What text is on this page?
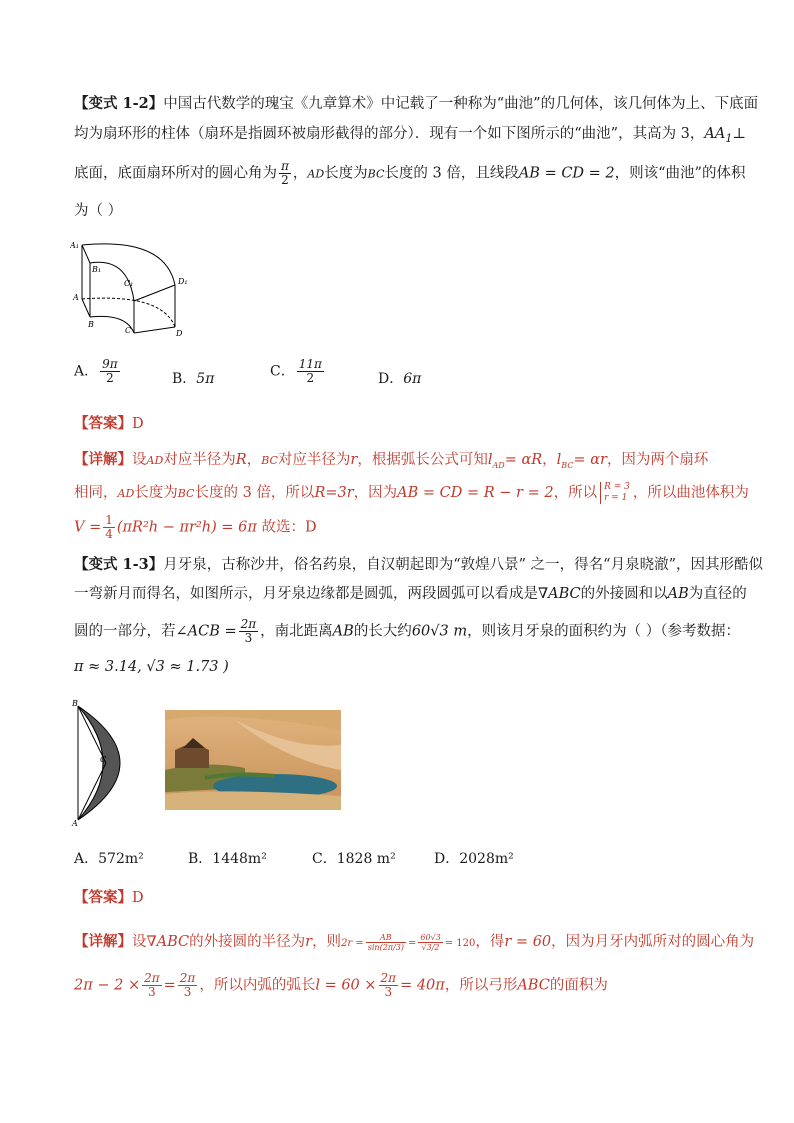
【变式 1-2】中国古代数学的瑰宝《九章算术》中记载了一种称为“曲池”的几何体，该几何体为上、下底面
均为扇环形的柱体（扇环是指圆环被扇形截得的部分）．现有一个如下图所示的“曲池”，其高为 3，$AA_1\perp$
底面，底面扇环所对的圆心角为 $\frac{\pi}{2}$ ，AD长度为BC长度的 3 倍，且线段AB = CD = 2，则该“曲池”的体积
为（ ）
A₁
B₁
C₁	D₁
A
B
C	D
A． $\frac{9\pi}{2}$	B．5π	C． $\frac{11\pi}{2}$	D．6π
【答案】D
【详解】设AD对应半径为R，BC对应半径为r，根据弧长公式可知$l_{AD}= \alpha R$，$l_{BC}= \alpha r$，因为两个扇环
相同，AD长度为BC长度的 3 倍，所以R=3r，因为AB = CD = R − r = 2，所以 R = 3
r = 1 ，所以曲池体积为
$V = \frac{1}{4} (\pi R^2h - \pi r^2h) = 6\pi$ 故选：D
【变式 1-3】月牙泉，古称沙井，俗名药泉，自汉朝起即为“敦煌八景” 之一，得名“月泉晓澈”，因其形酷似
一弯新月而得名，如图所示，月牙泉边缘都是圆弧，两段圆弧可以看成是∇ABC的外接圆和以AB为直径的
圆的一部分，若∠ACB = $\frac{2\pi}{3}$ ，南北距离AB的长大约60√3 m，则该月牙泉的面积约为（ ）（参考数据：
π ≈ 3.14, √3 ≈ 1.73 )
B
C
A
A．572m²	B．1448m²	C．1828 m²	D．2028m²
【答案】D
【详解】设∇ABC的外接圆的半径为r，则$2r = \frac{AB}{\sin(2\pi/3)} = \frac{60√3}{√3/2} = 120$，得r = 60，因为月牙内弧所对的圆心角为
$2\pi - 2 \times \frac{2\pi}{3} = \frac{2\pi}{3}$ ，所以内弧的弧长$l = 60 \times \frac{2\pi}{3} = 40\pi$，所以弓形ABC的面积为
